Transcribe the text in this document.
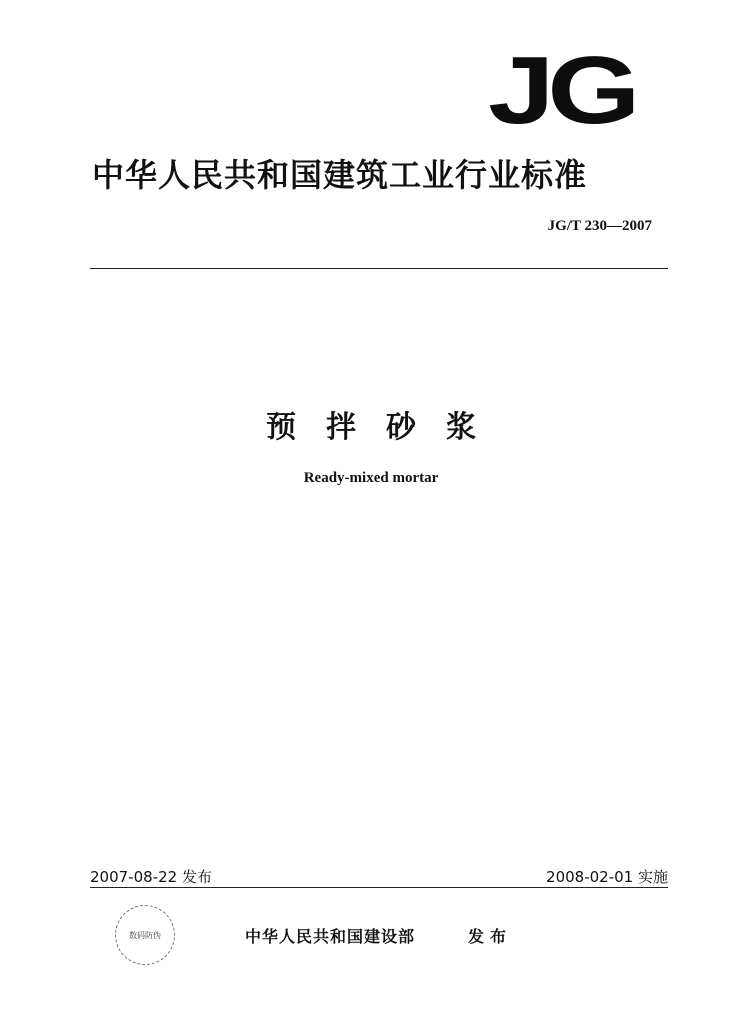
JG
中华人民共和国建筑工业行业标准
JG/T 230—2007
预拌砂浆
Ready-mixed mortar
2007-08-22 发布	2008-02-01 实施
数码防伪	中华人民共和国建设部	发布
